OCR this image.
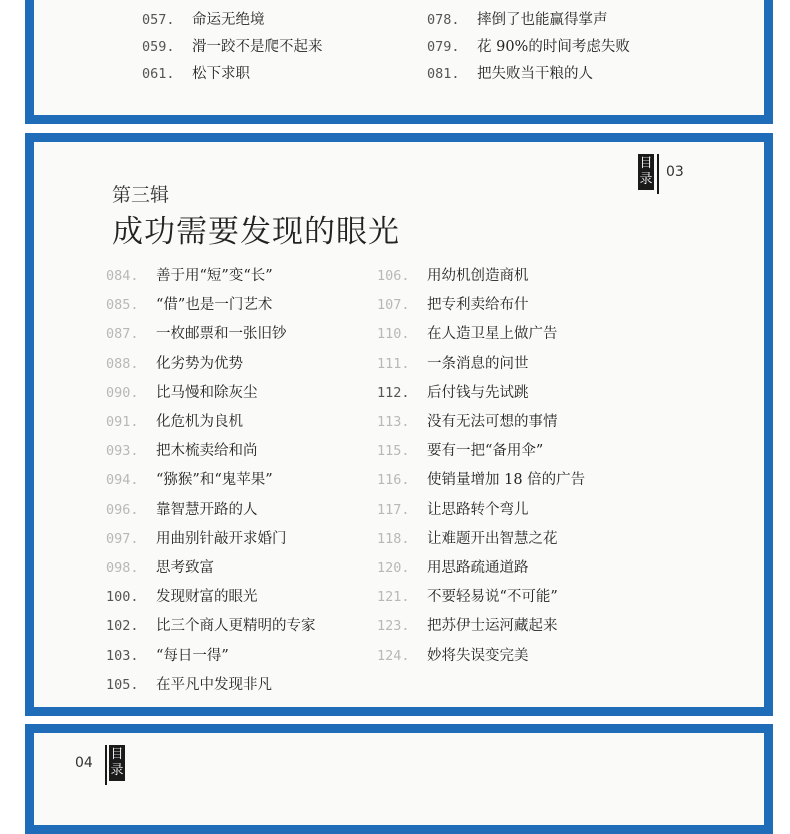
057. 命运无绝境
059. 滑一跤不是爬不起来
061. 松下求职
078. 摔倒了也能赢得掌声
079. 花 90%的时间考虑失败
081. 把失败当干粮的人
目录 03
第三辑
成功需要发现的眼光
084. 善于用“短”变“长”
085. “借”也是一门艺术
087. 一枚邮票和一张旧钞
088. 化劣势为优势
090. 比马慢和除灰尘
091. 化危机为良机
093. 把木梳卖给和尚
094. “猕猴”和“鬼苹果”
096. 靠智慧开路的人
097. 用曲别针敲开求婚门
098. 思考致富
100. 发现财富的眼光
102. 比三个商人更精明的专家
103. “每日一得”
105. 在平凡中发现非凡
106. 用幼机创造商机
107. 把专利卖给布什
110. 在人造卫星上做广告
111. 一条消息的问世
112. 后付钱与先试跳
113. 没有无法可想的事情
115. 要有一把“备用伞”
116. 使销量增加 18 倍的广告
117. 让思路转个弯儿
118. 让难题开出智慧之花
120. 用思路疏通道路
121. 不要轻易说“不可能”
123. 把苏伊士运河藏起来
124. 妙将失误变完美
04
目录
